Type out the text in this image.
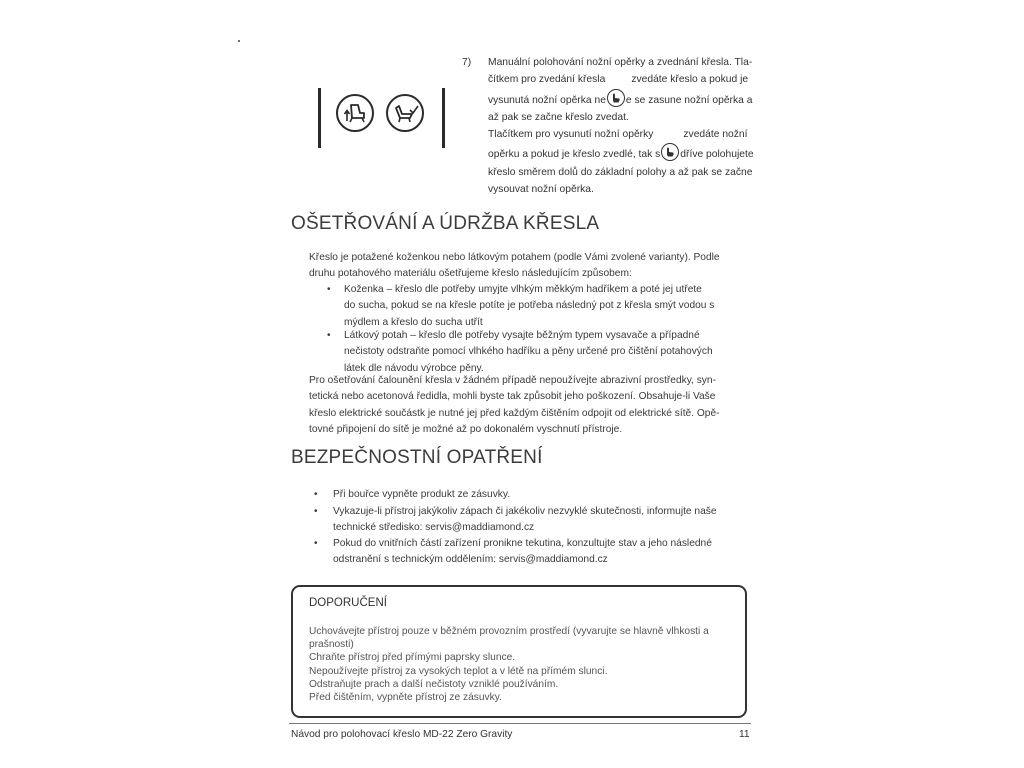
7)	Manuální polohování nožní opěrky a zvednání křesla. Tla-
čítkem pro zvedání křesla	zvedáte křeslo a pokud je
vysunutá nožní opěrka ne e se zasune nožní opěrka a
až pak se začne křeslo zvedat.
Tlačítkem pro vysunutí nožní opěrky	zvedáte nožní
opěrku a pokud je křeslo zvedlé, tak s dříve polohujete
křeslo směrem dolů do základní polohy a až pak se začne
vysouvat nožní opěrka.
OŠETŘOVÁNÍ A ÚDRŽBA KŘESLA
Křeslo je potažené koženkou nebo látkovým potahem (podle Vámi zvolené varianty). Podle
druhu potahového materiálu ošetřujeme křeslo následujícím způsobem:
• Koženka – křeslo dle potřeby umyjte vlhkým měkkým hadříkem a poté jej utřete
do sucha, pokud se na křesle potíte je potřeba následný pot z křesla smýt vodou s
mýdlem a křeslo do sucha utřít
• Látkový potah – křeslo dle potřeby vysajte běžným typem vysavače a případné
nečistoty odstraňte pomocí vlhkého hadříku a pěny určené pro čištění potahových
látek dle návodu výrobce pěny.
Pro ošetřování čalounění křesla v žádném případě nepoužívejte abrazivní prostředky, syn-
tetická nebo acetonová ředidla, mohli byste tak způsobit jeho poškození. Obsahuje-li Vaše
křeslo elektrické součástk je nutné jej před každým čištěním odpojit od elektrické sítě. Opě-
tovné připojení do sítě je možné až po dokonalém vyschnutí přístroje.
BEZPEČNOSTNÍ OPATŘENÍ
• Při bouřce vypněte produkt ze zásuvky.
• Vykazuje-li přístroj jakýkoliv zápach či jakékoliv nezvyklé skutečnosti, informujte naše
technické středisko: servis@maddiamond.cz
• Pokud do vnitřních částí zařízení pronikne tekutina, konzultujte stav a jeho následné
odstranění s technickým oddělením: servis@maddiamond.cz
DOPORUČENÍ
Uchovávejte přístroj pouze v běžném provozním prostředí (vyvarujte se hlavně vlhkosti a
prašnosti)
Chraňte přístroj před přímými paprsky slunce.
Nepoužívejte přístroj za vysokých teplot a v létě na přímém slunci.
Odstraňujte prach a další nečistoty vzniklé používáním.
Před čištěním, vypněte přístroj ze zásuvky.
Návod pro polohovací křeslo MD-22 Zero Gravity	11
